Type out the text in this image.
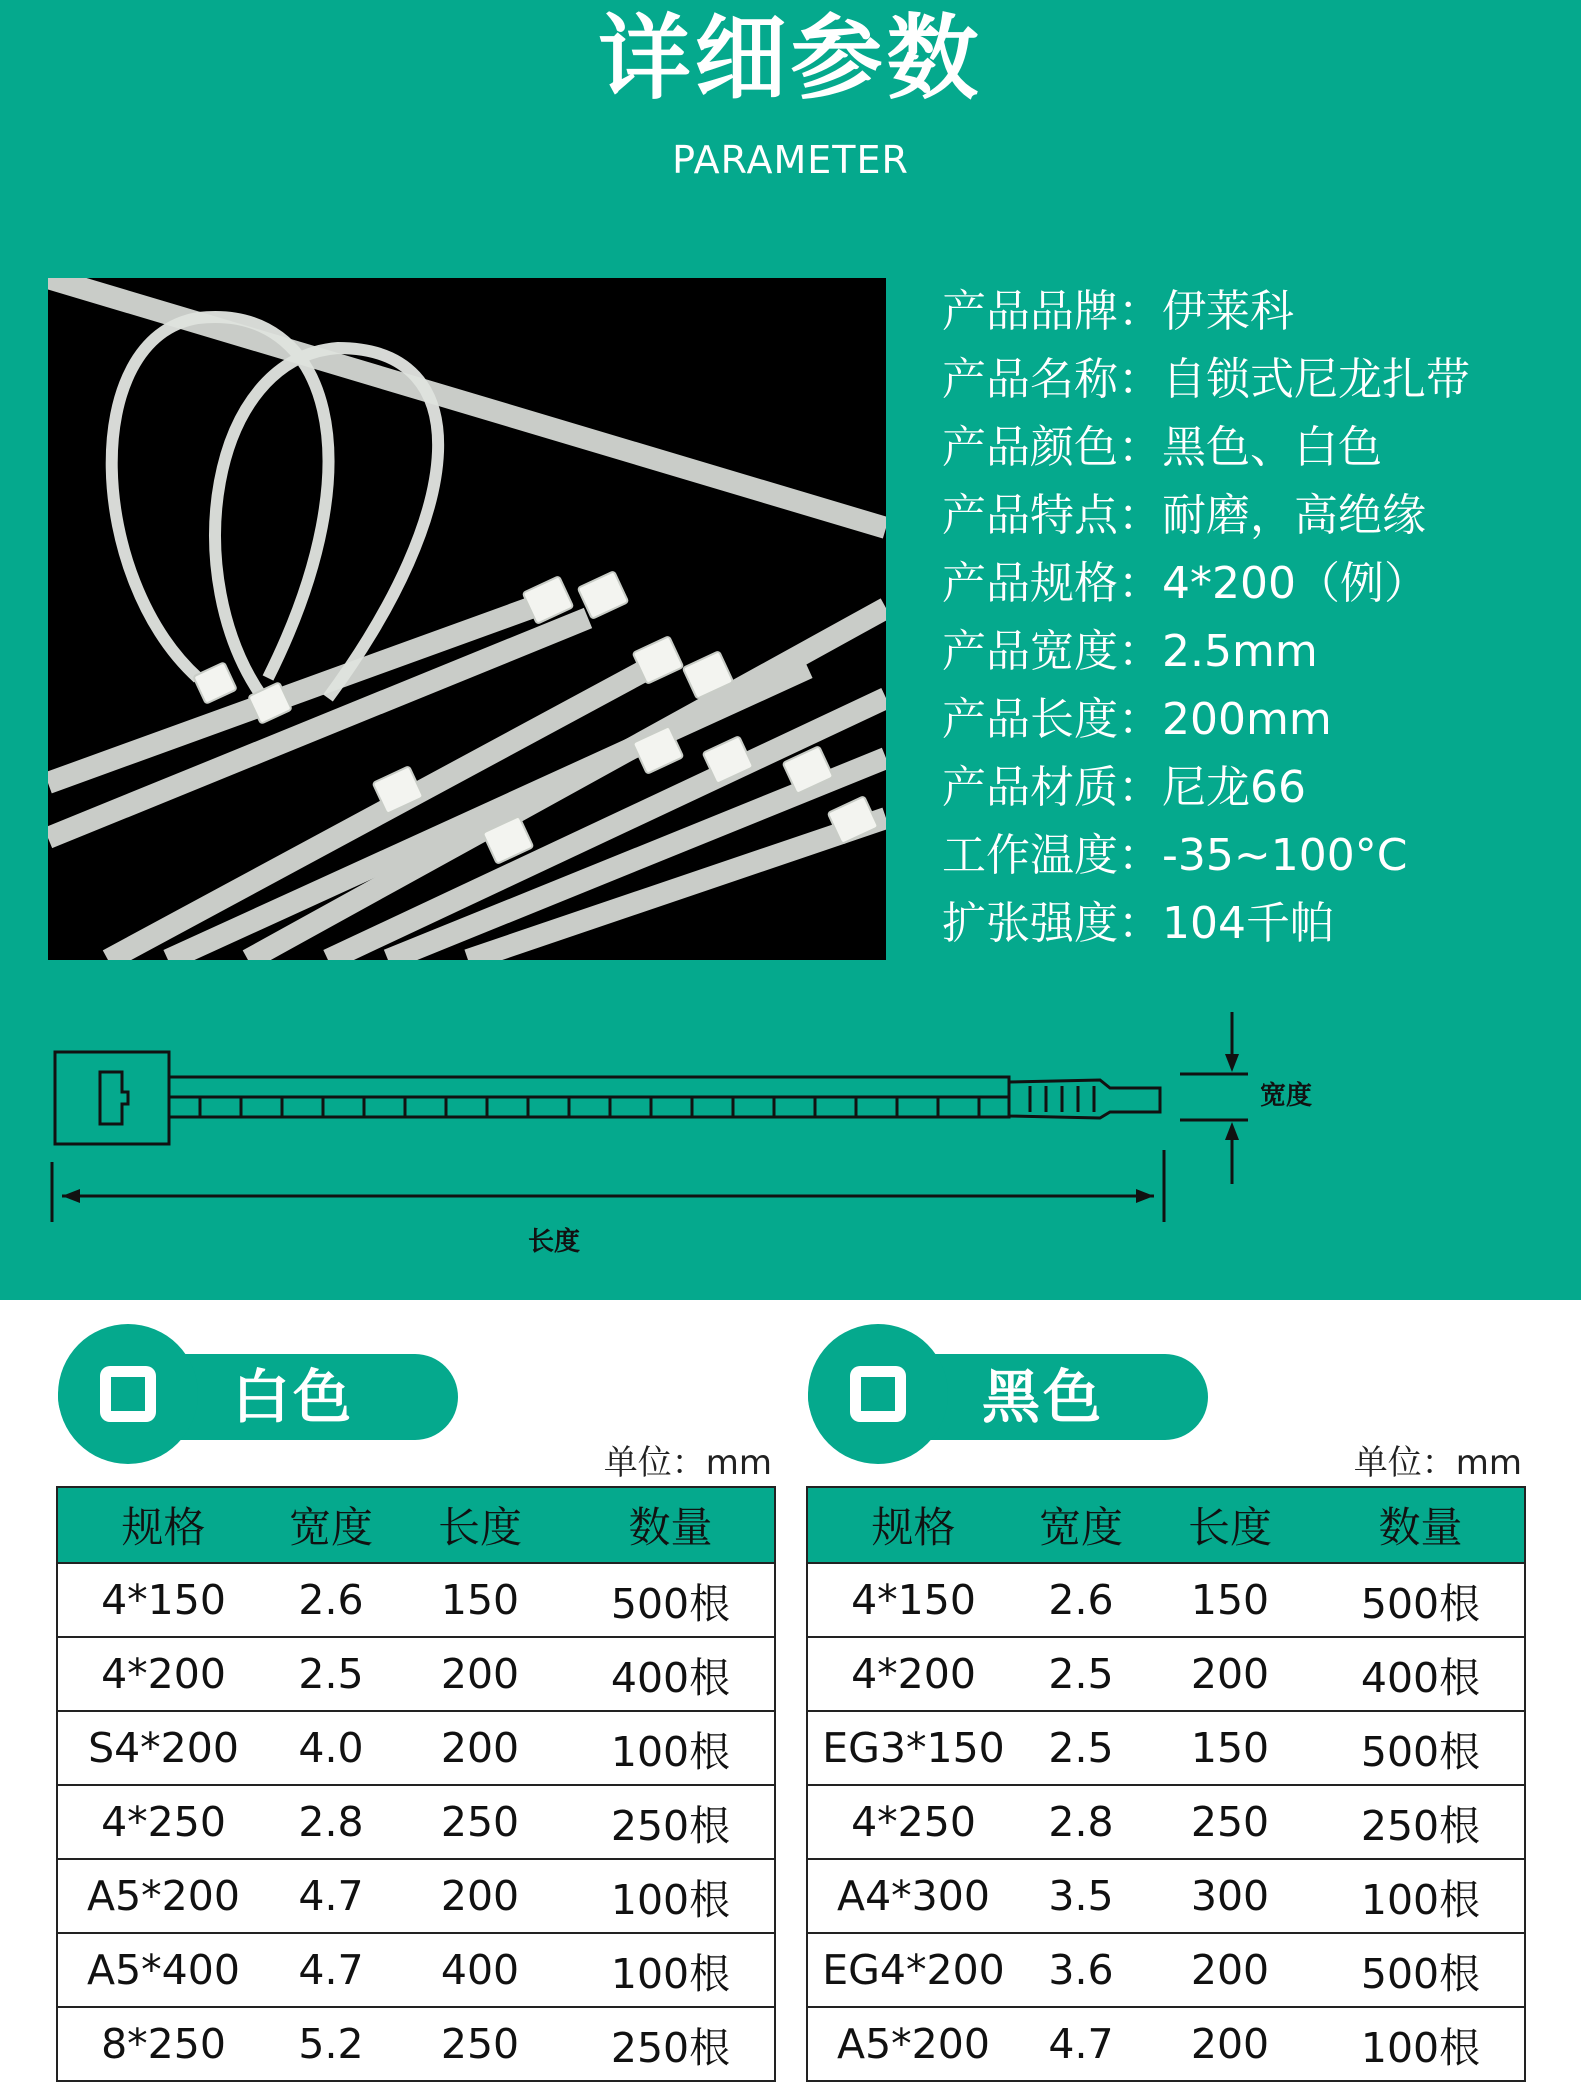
详细参数
PARAMETER
产品品牌：伊莱科
产品名称：自锁式尼龙扎带
产品颜色：黑色、白色
产品特点：耐磨，高绝缘
产品规格：4*200（例）
产品宽度：2.5mm
产品长度：200mm
产品材质：尼龙66
工作温度：-35~100°C
扩张强度：104千帕
宽度
长度
白色
单位：mm
规格	宽度	长度	数量
4*150	2.6	150	500根
4*200	2.5	200	400根
S4*200	4.0	200	100根
4*250	2.8	250	250根
A5*200	4.7	200	100根
A5*400	4.7	400	100根
8*250	5.2	250	250根
黑色
单位：mm
规格	宽度	长度	数量
4*150	2.6	150	500根
4*200	2.5	200	400根
EG3*150	2.5	150	500根
4*250	2.8	250	250根
A4*300	3.5	300	100根
EG4*200	3.6	200	500根
A5*200	4.7	200	100根
